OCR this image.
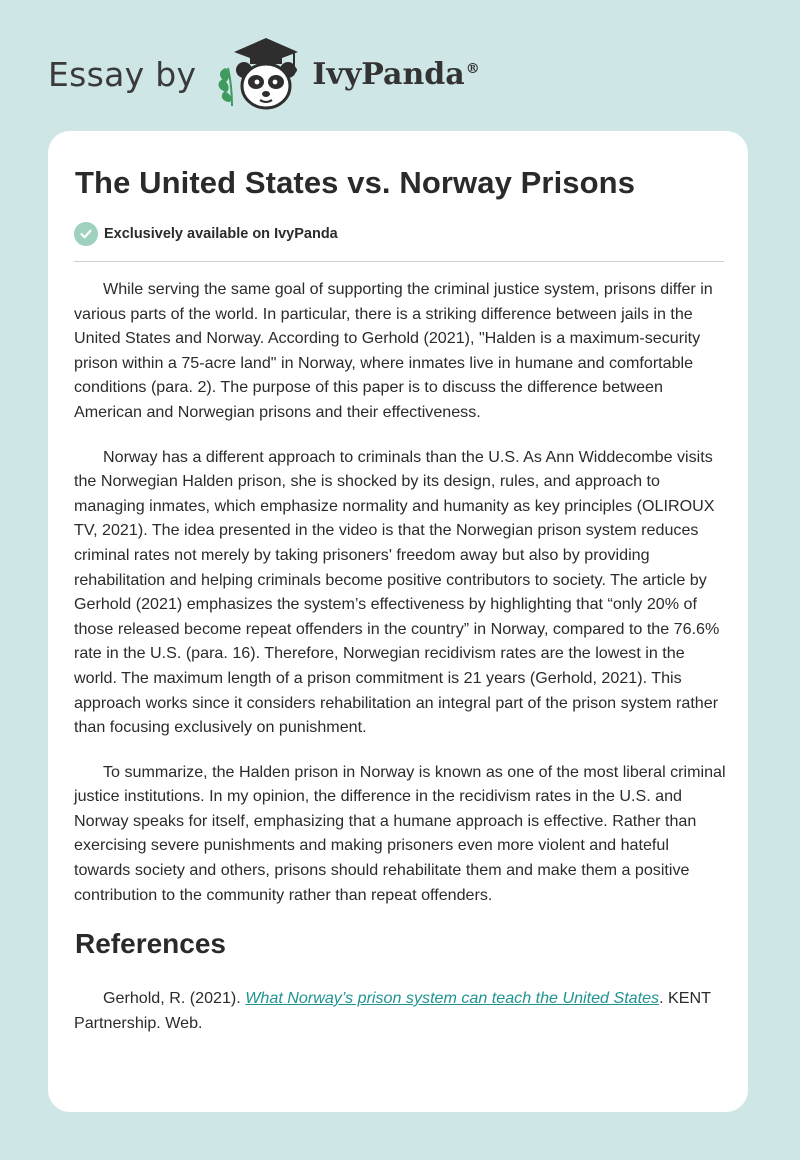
Essay by	IvyPanda®
The United States vs. Norway Prisons
Exclusively available on IvyPanda

While serving the same goal of supporting the criminal justice system, prisons differ in various parts of the world. In particular, there is a striking difference between jails in the United States and Norway. According to Gerhold (2021), "Halden is a maximum-security prison within a 75-acre land" in Norway, where inmates live in humane and comfortable conditions (para. 2). The purpose of this paper is to discuss the difference between American and Norwegian prisons and their effectiveness.

Norway has a different approach to criminals than the U.S. As Ann Widdecombe visits the Norwegian Halden prison, she is shocked by its design, rules, and approach to managing inmates, which emphasize normality and humanity as key principles (OLIROUX TV, 2021). The idea presented in the video is that the Norwegian prison system reduces criminal rates not merely by taking prisoners' freedom away but also by providing rehabilitation and helping criminals become positive contributors to society. The article by Gerhold (2021) emphasizes the system’s effectiveness by highlighting that “only 20% of those released become repeat offenders in the country” in Norway, compared to the 76.6% rate in the U.S. (para. 16). Therefore, Norwegian recidivism rates are the lowest in the world. The maximum length of a prison commitment is 21 years (Gerhold, 2021). This approach works since it considers rehabilitation an integral part of the prison system rather than focusing exclusively on punishment.

To summarize, the Halden prison in Norway is known as one of the most liberal criminal justice institutions. In my opinion, the difference in the recidivism rates in the U.S. and Norway speaks for itself, emphasizing that a humane approach is effective. Rather than exercising severe punishments and making prisoners even more violent and hateful towards society and others, prisons should rehabilitate them and make them a positive contribution to the community rather than repeat offenders.

References

Gerhold, R. (2021). What Norway’s prison system can teach the United States. KENT Partnership. Web.
